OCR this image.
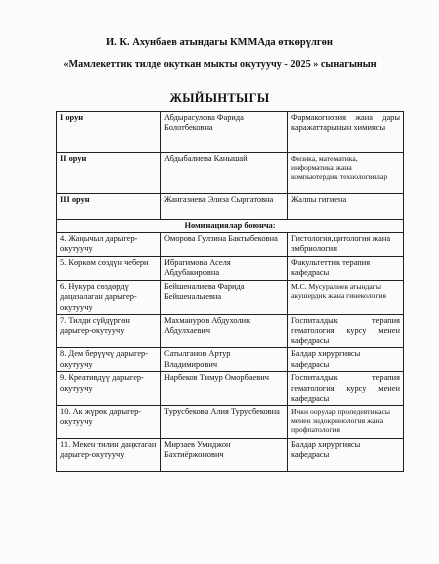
И. К. Ахунбаев атындагы КММАда өткөрүлгөн
«Мамлекеттик тилде окуткан мыкты окутуучу - 2025 » сынагынын
ЖЫЙЫНТЫГЫ
I орун	Абдырасулова Фарида Болотбековна	Фармакогнозия жана дары каражаттарынын химиясы
II орун	Абдыбалиева Канышай	Физика, математика, информатика жана компьютердик технологиялар
III орун	Жангазиева Элиза Сыргатовна	Жалпы гигиена
Номинациялар боюнча:		
4. Жаңычыл дарыгер-окутуучу	Оморова Гулзина Бактыбековна	Гистология,цитология жана эмбриология
5. Көркөм сөздүн чебери	Ибрагимова Аселя Абдубакировна	Факультеттик терапия кафедрасы
6. Нукура сөздөрдү даңазалаган дарыгер-окутуучу	Бейшеналиева Фарида Бейшеналыевна	М.С. Мусуралиев атындагы акушердик жана гинекология
7. Тилди сүйдүргөн дарыгер-окутуучу	Махмануров Абдухолик Абдулхаевич	Госпиталдык терапия гематология курсу менен кафедрасы
8. Дем берүүчү дарыгер-окутуучу	Сатылганов Артур Владимирович	Балдар хирургиясы кафедрасы
9. Креативдүү дарыгер-окутуучу	Нарбеков Тимур Оморбаевич	Госпиталдык терапия гематология курсу менен кафедрасы
10. Ак жүрөк дарыгер-окутуучу	Турусбекова Алия Турусбековна	Ички оорулар пропедевтикасы менен эндокринология жана профпатология
11. Мекен тилин даңктаган дарыгер-окутуучу	Мирзаев Умиджон Бахтиёржонович	Балдар хирургиясы кафедрасы
